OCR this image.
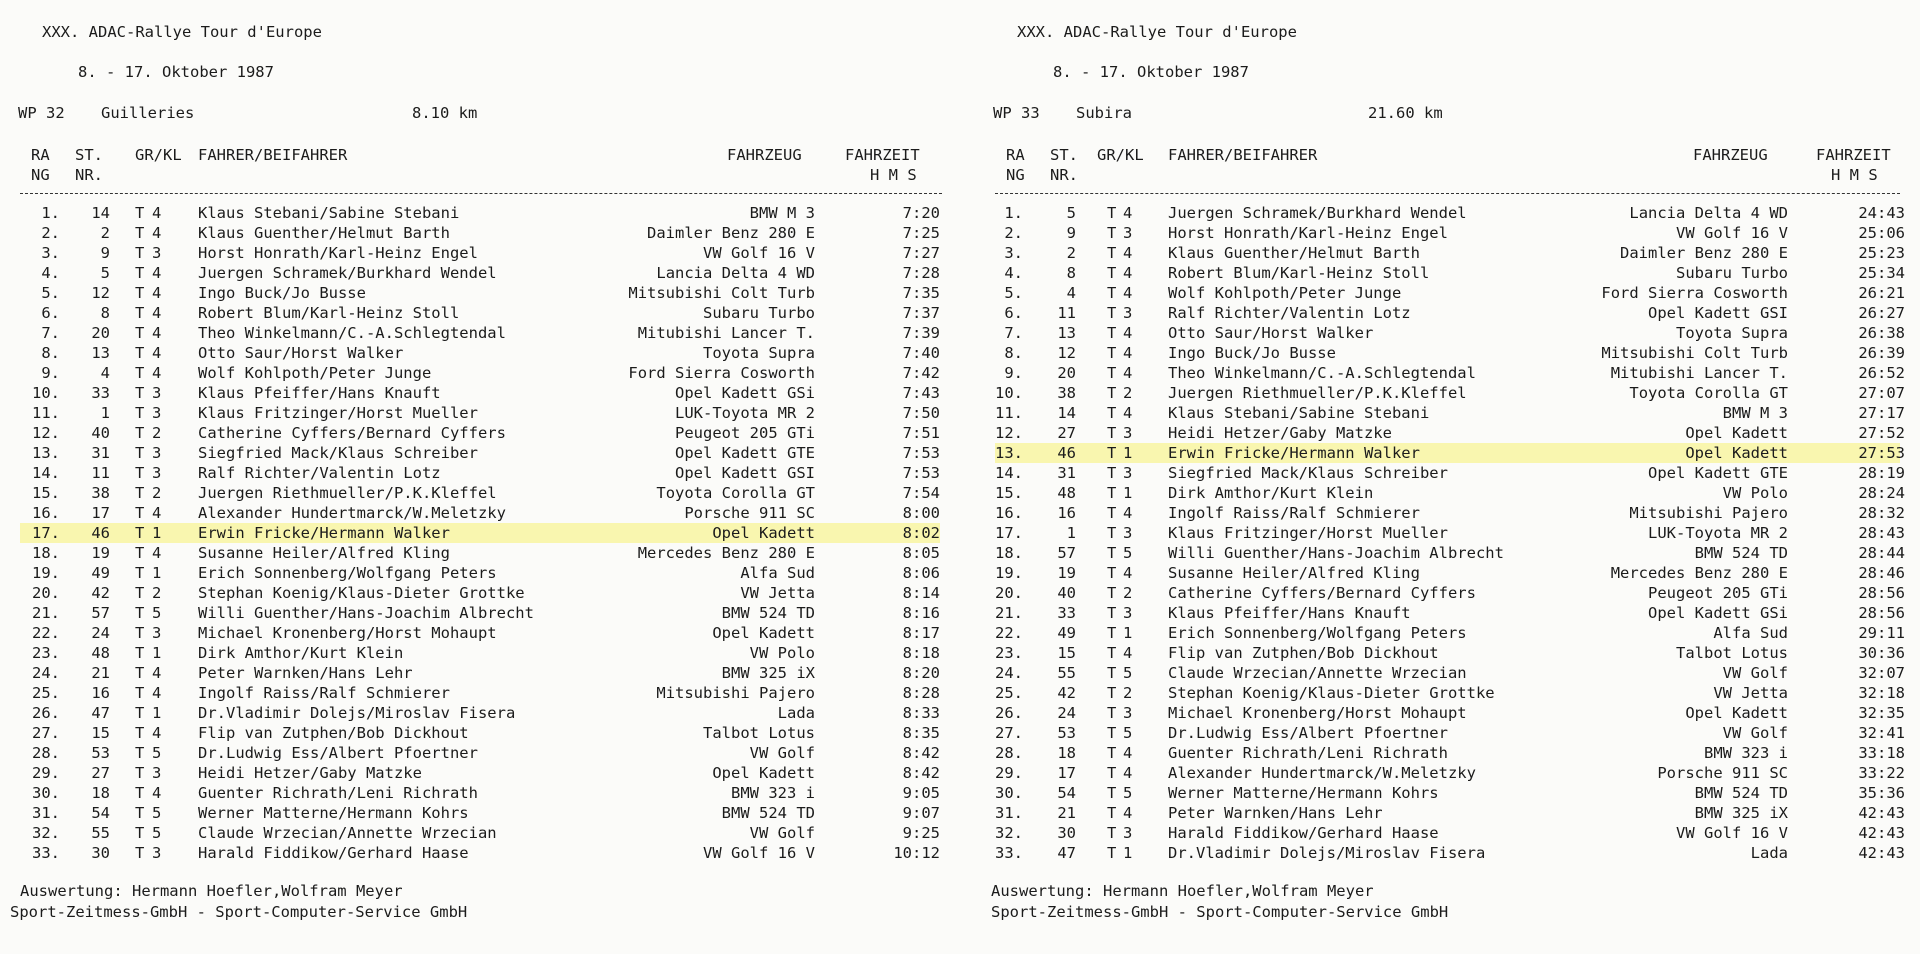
XXX. ADAC-Rallye Tour d'Europe
8. - 17. Oktober 1987
WP 32 Guilleries	8.10 km
RA
NG
ST.
NR.
GR/KL FAHRER/BEIFAHRER	FAHRZEUG	FAHRZEIT
H M S
1.	14 T 4	Klaus Stebani/Sabine Stebani	BMW M 3	7:20
2.	2 T 4	Klaus Guenther/Helmut Barth	Daimler Benz 280 E	7:25
3.	9 T 3	Horst Honrath/Karl-Heinz Engel	VW Golf 16 V	7:27
4.	5 T 4	Juergen Schramek/Burkhard Wendel	Lancia Delta 4 WD	7:28
5.	12 T 4	Ingo Buck/Jo Busse	Mitsubishi Colt Turb	7:35
6.	8 T 4	Robert Blum/Karl-Heinz Stoll	Subaru Turbo	7:37
7.	20 T 4	Theo Winkelmann/C.-A.Schlegtendal	Mitubishi Lancer T.	7:39
8.	13 T 4	Otto Saur/Horst Walker	Toyota Supra	7:40
9.	4 T 4	Wolf Kohlpoth/Peter Junge	Ford Sierra Cosworth	7:42
10.	33 T 3	Klaus Pfeiffer/Hans Knauft	Opel Kadett GSi	7:43
11.	1 T 3	Klaus Fritzinger/Horst Mueller	LUK-Toyota MR 2	7:50
12.	40 T 2	Catherine Cyffers/Bernard Cyffers	Peugeot 205 GTi	7:51
13.	31 T 3	Siegfried Mack/Klaus Schreiber	Opel Kadett GTE	7:53
14.	11 T 3	Ralf Richter/Valentin Lotz	Opel Kadett GSI	7:53
15.	38 T 2	Juergen Riethmueller/P.K.Kleffel	Toyota Corolla GT	7:54
16.	17 T 4	Alexander Hundertmarck/W.Meletzky	Porsche 911 SC	8:00
17.	46 T 1	Erwin Fricke/Hermann Walker	Opel Kadett	8:02
18.	19 T 4	Susanne Heiler/Alfred Kling	Mercedes Benz 280 E	8:05
19.	49 T 1	Erich Sonnenberg/Wolfgang Peters	Alfa Sud	8:06
20.	42 T 2	Stephan Koenig/Klaus-Dieter Grottke	VW Jetta	8:14
21.	57 T 5	Willi Guenther/Hans-Joachim Albrecht	BMW 524 TD	8:16
22.	24 T 3	Michael Kronenberg/Horst Mohaupt	Opel Kadett	8:17
23.	48 T 1	Dirk Amthor/Kurt Klein	VW Polo	8:18
24.	21 T 4	Peter Warnken/Hans Lehr	BMW 325 iX	8:20
25.	16 T 4	Ingolf Raiss/Ralf Schmierer	Mitsubishi Pajero	8:28
26.	47 T 1	Dr.Vladimir Dolejs/Miroslav Fisera	Lada	8:33
27.	15 T 4	Flip van Zutphen/Bob Dickhout	Talbot Lotus	8:35
28.	53 T 5	Dr.Ludwig Ess/Albert Pfoertner	VW Golf	8:42
29.	27 T 3	Heidi Hetzer/Gaby Matzke	Opel Kadett	8:42
30.	18 T 4	Guenter Richrath/Leni Richrath	BMW 323 i	9:05
31.	54 T 5	Werner Matterne/Hermann Kohrs	BMW 524 TD	9:07
32.	55 T 5	Claude Wrzecian/Annette Wrzecian	VW Golf	9:25
33.	30 T 3	Harald Fiddikow/Gerhard Haase	VW Golf 16 V	10:12
Auswertung: Hermann Hoefler,Wolfram Meyer
Sport-Zeitmess-GmbH - Sport-Computer-Service GmbH
XXX. ADAC-Rallye Tour d'Europe
8. - 17. Oktober 1987
WP 33 Subira	21.60 km
RA
NG
ST.
NR.
GR/KL FAHRER/BEIFAHRER	FAHRZEUG	FAHRZEIT
H M S
1.	5 T 4	Juergen Schramek/Burkhard Wendel	Lancia Delta 4 WD	24:43
2.	9 T 3	Horst Honrath/Karl-Heinz Engel	VW Golf 16 V	25:06
3.	2 T 4	Klaus Guenther/Helmut Barth	Daimler Benz 280 E	25:23
4.	8 T 4	Robert Blum/Karl-Heinz Stoll	Subaru Turbo	25:34
5.	4 T 4	Wolf Kohlpoth/Peter Junge	Ford Sierra Cosworth	26:21
6.	11 T 3	Ralf Richter/Valentin Lotz	Opel Kadett GSI	26:27
7.	13 T 4	Otto Saur/Horst Walker	Toyota Supra	26:38
8.	12 T 4	Ingo Buck/Jo Busse	Mitsubishi Colt Turb	26:39
9.	20 T 4	Theo Winkelmann/C.-A.Schlegtendal	Mitubishi Lancer T.	26:52
10.	38 T 2	Juergen Riethmueller/P.K.Kleffel	Toyota Corolla GT	27:07
11.	14 T 4	Klaus Stebani/Sabine Stebani	BMW M 3	27:17
12.	27 T 3	Heidi Hetzer/Gaby Matzke	Opel Kadett	27:52
13.	46 T 1	Erwin Fricke/Hermann Walker	Opel Kadett	27:53
14.	31 T 3	Siegfried Mack/Klaus Schreiber	Opel Kadett GTE	28:19
15.	48 T 1	Dirk Amthor/Kurt Klein	VW Polo	28:24
16.	16 T 4	Ingolf Raiss/Ralf Schmierer	Mitsubishi Pajero	28:32
17.	1 T 3	Klaus Fritzinger/Horst Mueller	LUK-Toyota MR 2	28:43
18.	57 T 5	Willi Guenther/Hans-Joachim Albrecht	BMW 524 TD	28:44
19.	19 T 4	Susanne Heiler/Alfred Kling	Mercedes Benz 280 E	28:46
20.	40 T 2	Catherine Cyffers/Bernard Cyffers	Peugeot 205 GTi	28:56
21.	33 T 3	Klaus Pfeiffer/Hans Knauft	Opel Kadett GSi	28:56
22.	49 T 1	Erich Sonnenberg/Wolfgang Peters	Alfa Sud	29:11
23.	15 T 4	Flip van Zutphen/Bob Dickhout	Talbot Lotus	30:36
24.	55 T 5	Claude Wrzecian/Annette Wrzecian	VW Golf	32:07
25.	42 T 2	Stephan Koenig/Klaus-Dieter Grottke	VW Jetta	32:18
26.	24 T 3	Michael Kronenberg/Horst Mohaupt	Opel Kadett	32:35
27.	53 T 5	Dr.Ludwig Ess/Albert Pfoertner	VW Golf	32:41
28.	18 T 4	Guenter Richrath/Leni Richrath	BMW 323 i	33:18
29.	17 T 4	Alexander Hundertmarck/W.Meletzky	Porsche 911 SC	33:22
30.	54 T 5	Werner Matterne/Hermann Kohrs	BMW 524 TD	35:36
31.	21 T 4	Peter Warnken/Hans Lehr	BMW 325 iX	42:43
32.	30 T 3	Harald Fiddikow/Gerhard Haase	VW Golf 16 V	42:43
33.	47 T 1	Dr.Vladimir Dolejs/Miroslav Fisera	Lada	42:43
Auswertung: Hermann Hoefler,Wolfram Meyer
Sport-Zeitmess-GmbH - Sport-Computer-Service GmbH
